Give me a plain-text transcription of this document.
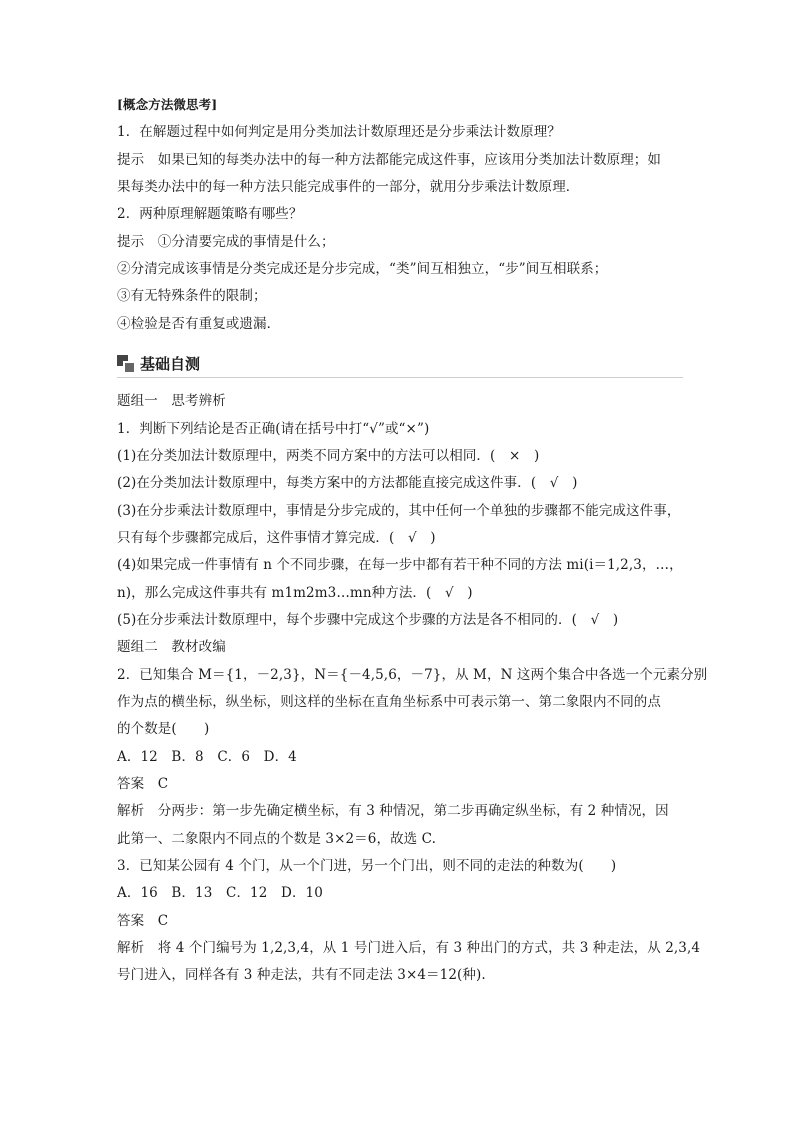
[概念方法微思考]
1．在解题过程中如何判定是用分类加法计数原理还是分步乘法计数原理？
提示　如果已知的每类办法中的每一种方法都能完成这件事，应该用分类加法计数原理；如
果每类办法中的每一种方法只能完成事件的一部分，就用分步乘法计数原理．
2．两种原理解题策略有哪些？
提示　①分清要完成的事情是什么；
②分清完成该事情是分类完成还是分步完成，“类”间互相独立，“步”间互相联系；
③有无特殊条件的限制；
④检验是否有重复或遗漏．
基础自测
题组一　思考辨析
1．判断下列结论是否正确(请在括号中打“√”或“×”)
(1)在分类加法计数原理中，两类不同方案中的方法可以相同．(　×　)
(2)在分类加法计数原理中，每类方案中的方法都能直接完成这件事．(　√　)
(3)在分步乘法计数原理中，事情是分步完成的，其中任何一个单独的步骤都不能完成这件事，
只有每个步骤都完成后，这件事情才算完成．(　√　)
(4)如果完成一件事情有 n 个不同步骤，在每一步中都有若干种不同的方法 mi(i＝1,2,3，…，
n)，那么完成这件事共有 m1m2m3…mn种方法．(　√　)
(5)在分步乘法计数原理中，每个步骤中完成这个步骤的方法是各不相同的．(　√　)
题组二　教材改编
2．已知集合 M＝{1，－2,3}，N＝{－4,5,6，－7}，从 M，N 这两个集合中各选一个元素分别
作为点的横坐标，纵坐标，则这样的坐标在直角坐标系中可表示第一、第二象限内不同的点
的个数是(　　)
A．12　B．8　C．6　D．4
答案　C
解析　分两步：第一步先确定横坐标，有 3 种情况，第二步再确定纵坐标，有 2 种情况，因
此第一、二象限内不同点的个数是 3×2＝6，故选 C.
3．已知某公园有 4 个门，从一个门进，另一个门出，则不同的走法的种数为(　　)
A．16　B．13　C．12　D．10
答案　C
解析　将 4 个门编号为 1,2,3,4，从 1 号门进入后，有 3 种出门的方式，共 3 种走法，从 2,3,4
号门进入，同样各有 3 种走法，共有不同走法 3×4＝12(种).
